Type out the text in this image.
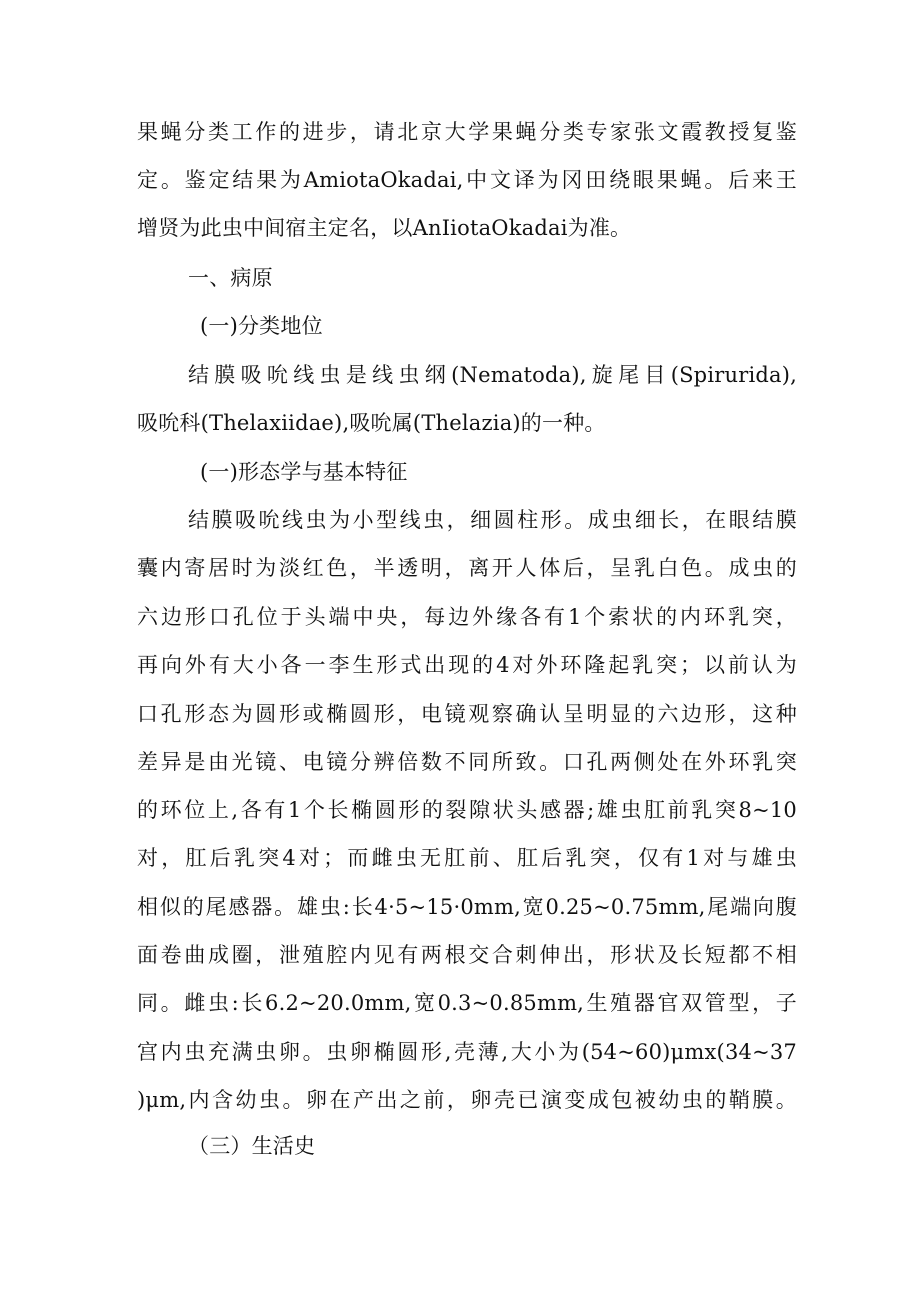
果蝇分类工作的进步，请北京大学果蝇分类专家张文霞教授复鉴
定。鉴定结果为AmiotaOkadai,中文译为冈田绕眼果蝇。后来王
增贤为此虫中间宿主定名，以AnIiotaOkadai为准。
一、病原
(一)分类地位
结膜吸吮线虫是线虫纲(Nematoda),旋尾目(Spirurida),
吸吮科(Thelaxiidae),吸吮属(Thelazia)的一种。
(一)形态学与基本特征
结膜吸吮线虫为小型线虫，细圆柱形。成虫细长，在眼结膜
囊内寄居时为淡红色，半透明，离开人体后，呈乳白色。成虫的
六边形口孔位于头端中央，每边外缘各有1个索状的内环乳突，
再向外有大小各一李生形式出现的4对外环隆起乳突；以前认为
口孔形态为圆形或椭圆形，电镜观察确认呈明显的六边形，这种
差异是由光镜、电镜分辨倍数不同所致。口孔两侧处在外环乳突
的环位上,各有1个长椭圆形的裂隙状头感器;雄虫肛前乳突8~10
对，肛后乳突4对；而雌虫无肛前、肛后乳突，仅有1对与雄虫
相似的尾感器。雄虫:长4·5~15·0mm,宽0.25~0.75mm,尾端向腹
面卷曲成圈，泄殖腔内见有两根交合刺伸出，形状及长短都不相
同。雌虫:长6.2~20.0mm,宽0.3~0.85mm,生殖器官双管型，子
宫内虫充满虫卵。虫卵椭圆形,壳薄,大小为(54~60)μmx(34~37
)μm,内含幼虫。卵在产出之前，卵壳已演变成包被幼虫的鞘膜。
（三）生活史
